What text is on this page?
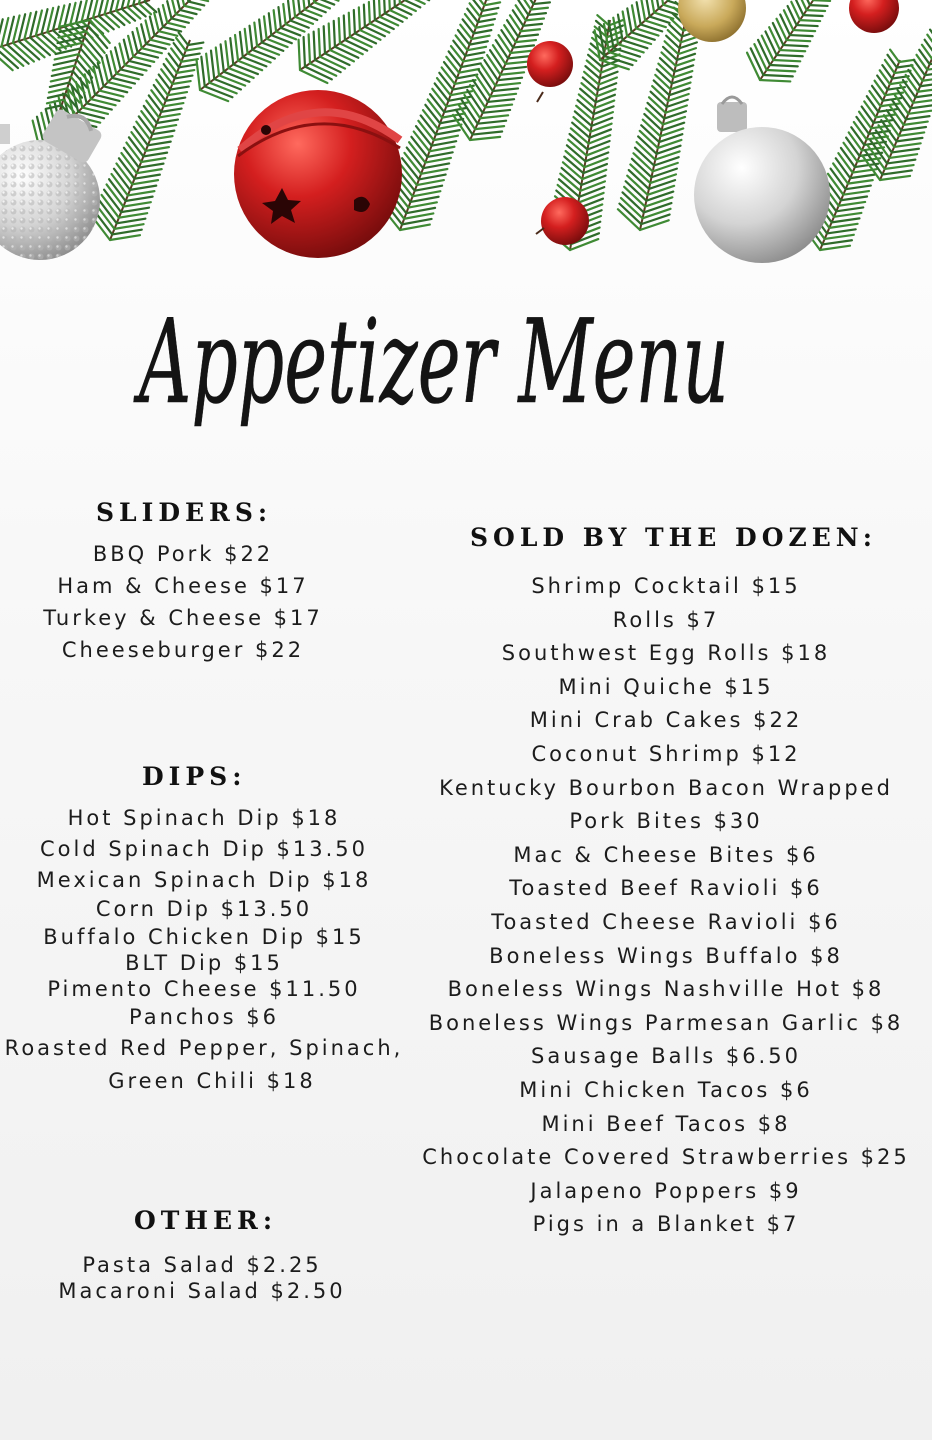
Appetizer Menu
SLIDERS:
BBQ Pork $22
Ham & Cheese $17
Turkey & Cheese $17
Cheeseburger $22
DIPS:
Hot Spinach Dip $18
Cold Spinach Dip $13.50
Mexican Spinach Dip $18
Corn Dip $13.50
Buffalo Chicken Dip $15
BLT Dip $15
Pimento Cheese $11.50
Panchos $6
Roasted Red Pepper, Spinach,
Green Chili $18
OTHER:
Pasta Salad $2.25
Macaroni Salad $2.50
SOLD BY THE DOZEN:
Shrimp Cocktail $15
Rolls $7
Southwest Egg Rolls $18
Mini Quiche $15
Mini Crab Cakes $22
Coconut Shrimp $12
Kentucky Bourbon Bacon Wrapped
Pork Bites $30
Mac & Cheese Bites $6
Toasted Beef Ravioli $6
Toasted Cheese Ravioli $6
Boneless Wings Buffalo $8
Boneless Wings Nashville Hot $8
Boneless Wings Parmesan Garlic $8
Sausage Balls $6.50
Mini Chicken Tacos $6
Mini Beef Tacos $8
Chocolate Covered Strawberries $25
Jalapeno Poppers $9
Pigs in a Blanket $7
